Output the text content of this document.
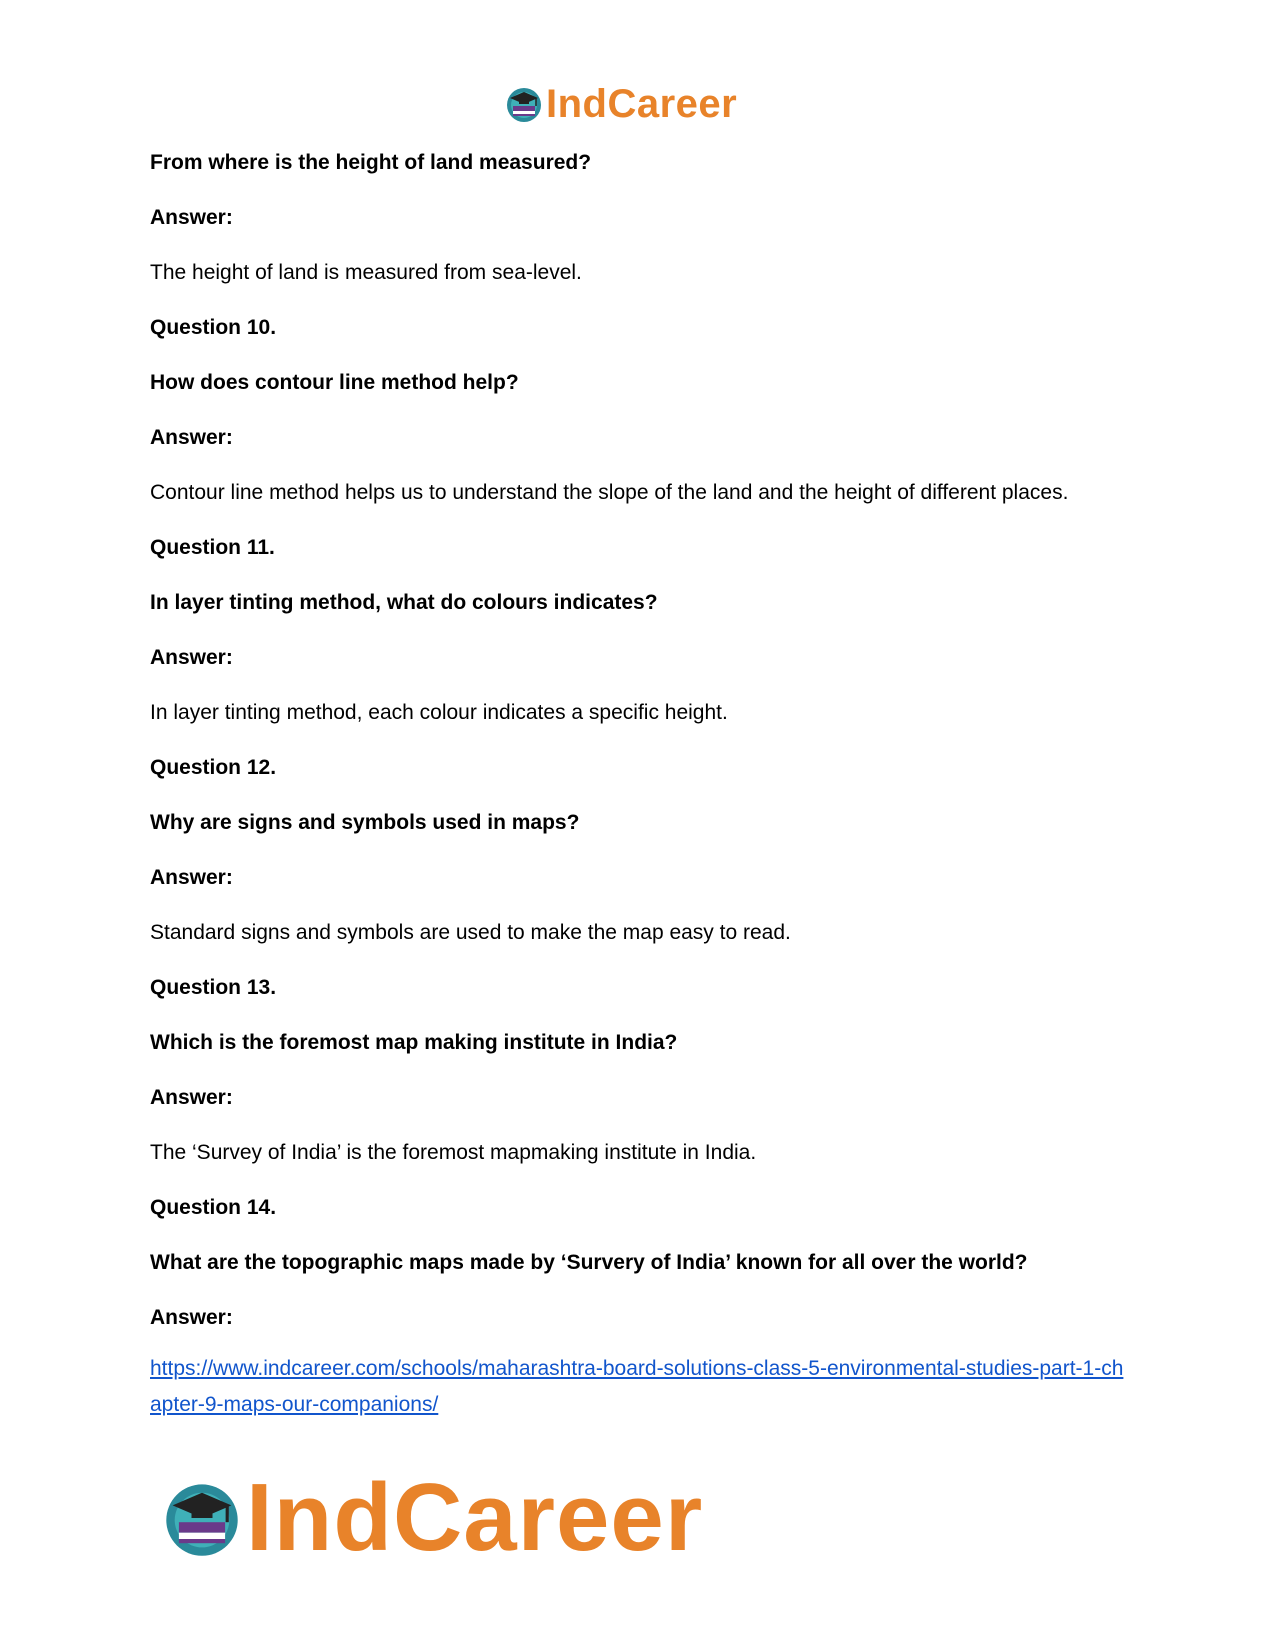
IndCareer

From where is the height of land measured?

Answer:

The height of land is measured from sea-level.

Question 10.

How does contour line method help?

Answer:

Contour line method helps us to understand the slope of the land and the height of different places.

Question 11.

In layer tinting method, what do colours indicates?

Answer:

In layer tinting method, each colour indicates a specific height.

Question 12.

Why are signs and symbols used in maps?

Answer:

Standard signs and symbols are used to make the map easy to read.

Question 13.

Which is the foremost map making institute in India?

Answer:

The ‘Survey of India’ is the foremost mapmaking institute in India.

Question 14.

What are the topographic maps made by ‘Survery of India’ known for all over the world?

Answer:

https://www.indcareer.com/schools/maharashtra-board-solutions-class-5-environmental-studies-part-1-chapter-9-maps-our-companions/
IndCareer
